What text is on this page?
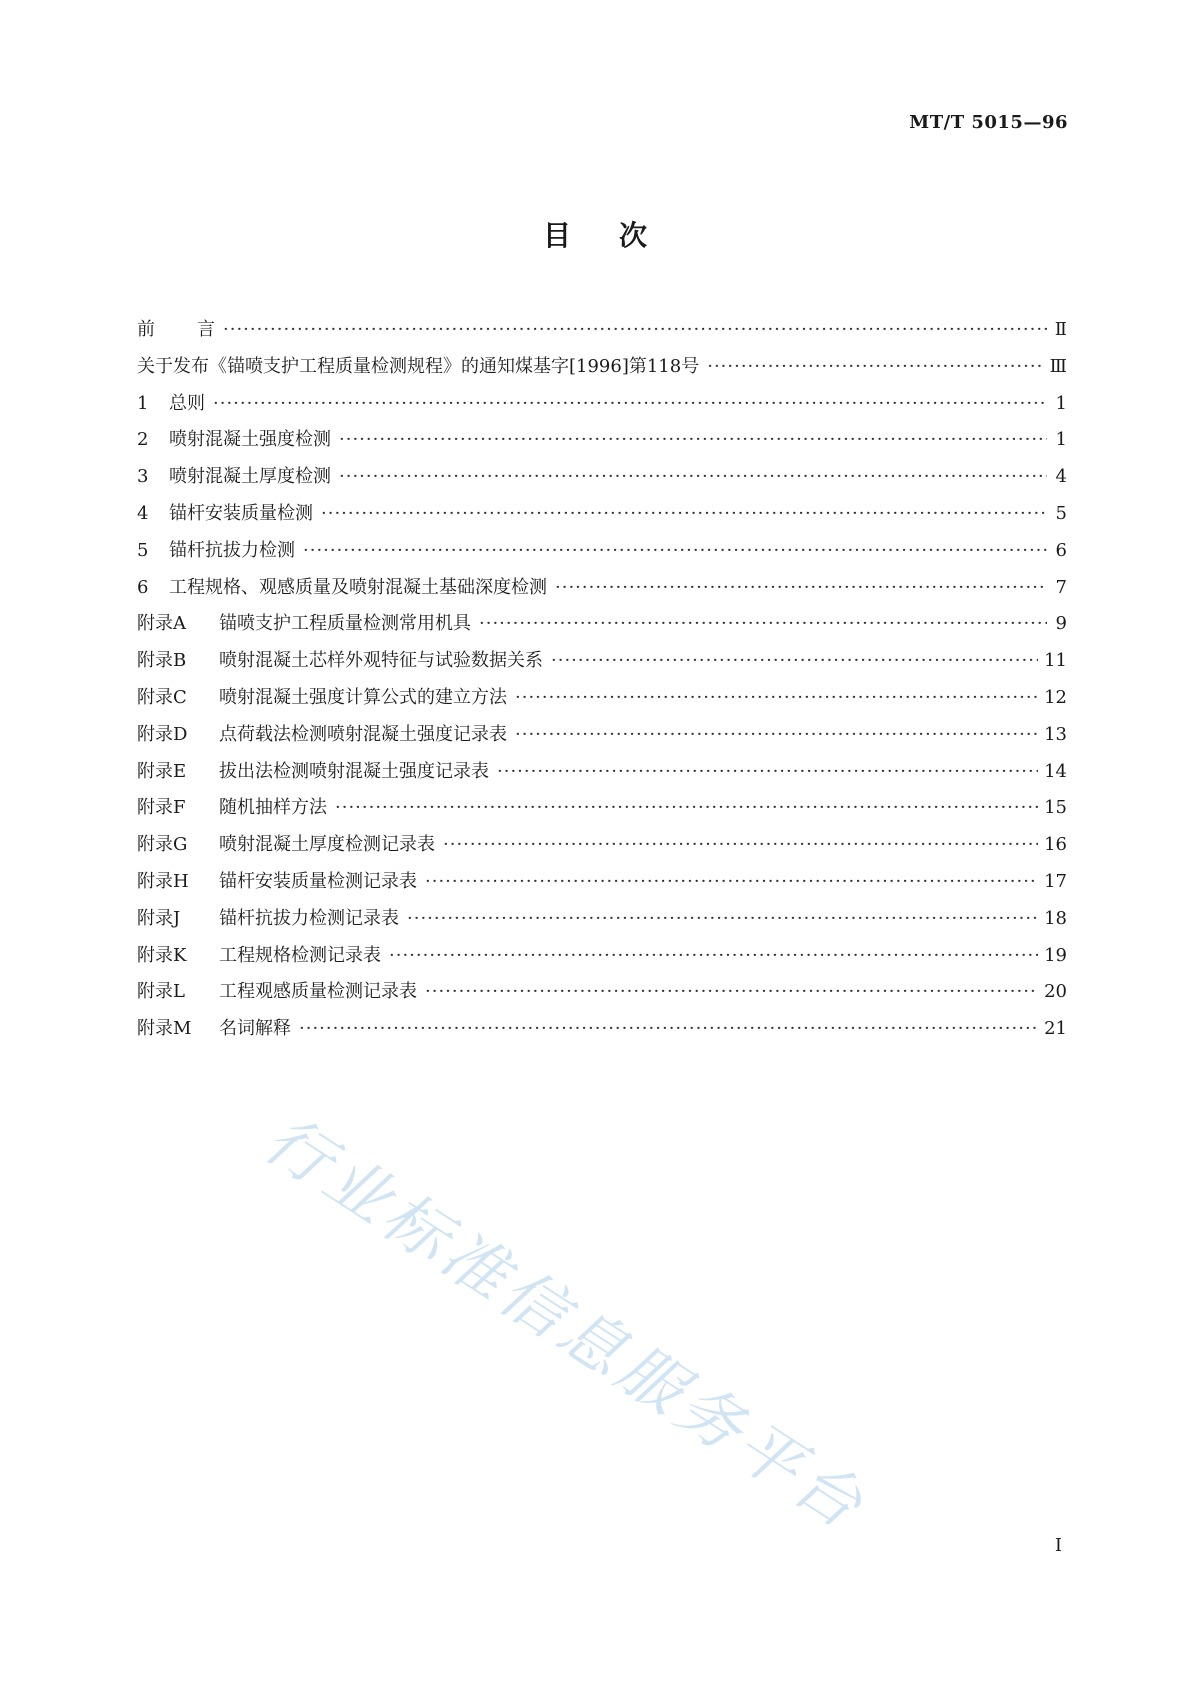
MT/T 5015—96
目次
前 言 ·····	Ⅱ
关于发布《锚喷支护工程质量检测规程》的通知煤基字[1996]第118号 ·····	Ⅲ
1 总则 ·····	1
2 喷射混凝土强度检测 ·····	1
3 喷射混凝土厚度检测 ·····	4
4 锚杆安装质量检测 ·····	5
5 锚杆抗拔力检测 ·····	6
6 工程规格、观感质量及喷射混凝土基础深度检测 ·····	7
附录A 锚喷支护工程质量检测常用机具 ·····	9
附录B 喷射混凝土芯样外观特征与试验数据关系 ·····	11
附录C 喷射混凝土强度计算公式的建立方法 ·····	12
附录D 点荷载法检测喷射混凝土强度记录表 ·····	13
附录E 拔出法检测喷射混凝土强度记录表 ·····	14
附录F 随机抽样方法 ·····	15
附录G 喷射混凝土厚度检测记录表 ·····	16
附录H 锚杆安装质量检测记录表 ·····	17
附录J 锚杆抗拔力检测记录表 ·····	18
附录K 工程规格检测记录表 ·····	19
附录L 工程观感质量检测记录表 ·····	20
附录M 名词解释 ·····	21
行业标准信息服务平台	I
